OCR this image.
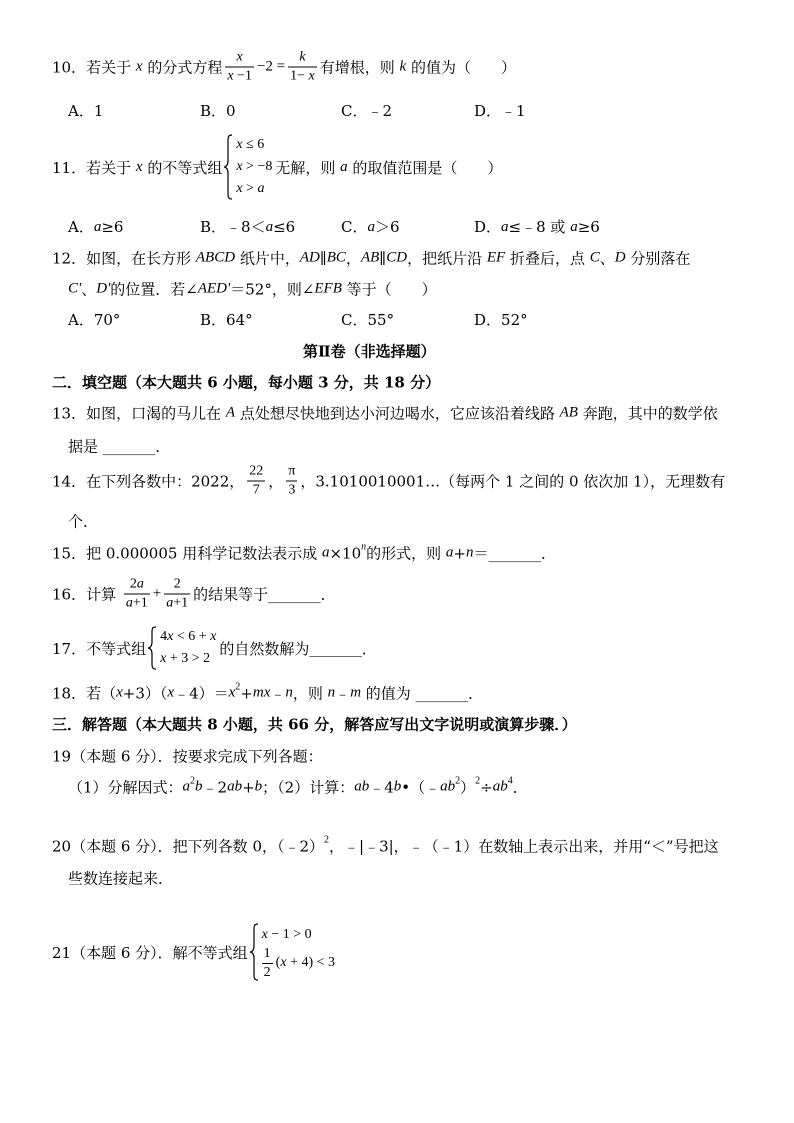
10． 若关于 x 的分式方程 $\frac{x}{x -1} -2 = \frac{k}{1- x}$ 有增根，则 k 的值为（　　）
A．1	B．0	C．﹣2	D．﹣1
11． 若关于 x 的不等式组
x ≤ 6
x > −8
x > a
无解，则 a 的取值范围是（　　）
A． a ≥6	B． ﹣8＜ a ≤6	C． a ＞6	D． a ≤﹣8 或 a ≥6
12． 如图，在长方形 ABCD 纸片中， AD ∥ BC ， AB ∥ CD ，把纸片沿 EF 折叠后，点 C 、 D 分别落在
C' 、 D' 的位置．若∠ AED' ＝52°，则∠ EFB 等于（　　）
A．70°	B．64°	C．55°	D．52°
第Ⅱ卷（非选择题）
二．填空题（本大题共 6 小题，每小题 3 分，共 18 分）
13． 如图，口渴的马儿在 A 点处想尽快地到达小河边喝水，它应该沿着线路 AB 奔跑，其中的数学依
据是 _______ ．
14． 在下列各数中：2022， $\frac{22}{7}$ ， $\frac{\pi}{3}$ ，3.1010010001…（每两个 1 之间的 0 依次加 1），无理数有
个．
15． 把 0.000005 用科学记数法表示成 a ×10 n 的形式，则 a + n ＝ _______ ．
16． 计算 $\frac{2 a}{a +1} + \frac{2}{a +1}$ 的结果等于 _______ ．
17． 不等式组
4 x < 6 + x
x + 3 > 2
的自然数解为 _______ ．
18． 若（ x +3）（ x ﹣4）＝ x 2 + mx ﹣ n ，则 n ﹣ m 的值为 _______ ．
三．解答题（本大题共 8 小题，共 66 分，解答应写出文字说明或演算步骤．）
19（本题 6 分）．按要求完成下列各题：
（1）分解因式： a 2 b ﹣2 ab + b ；（2）计算： ab ﹣4 b •（﹣ ab 2 ） 2 ÷ ab 4 ．
20（本题 6 分）． 把下列各数 0，（﹣2） 2 ，﹣|﹣3|，﹣（﹣1）在数轴上表示出来，并用“＜”号把这
些数连接起来．
21（本题 6 分）．解不等式组
x − 1 > 0
$\frac{1}{2}$ ( x + 4) < 3
